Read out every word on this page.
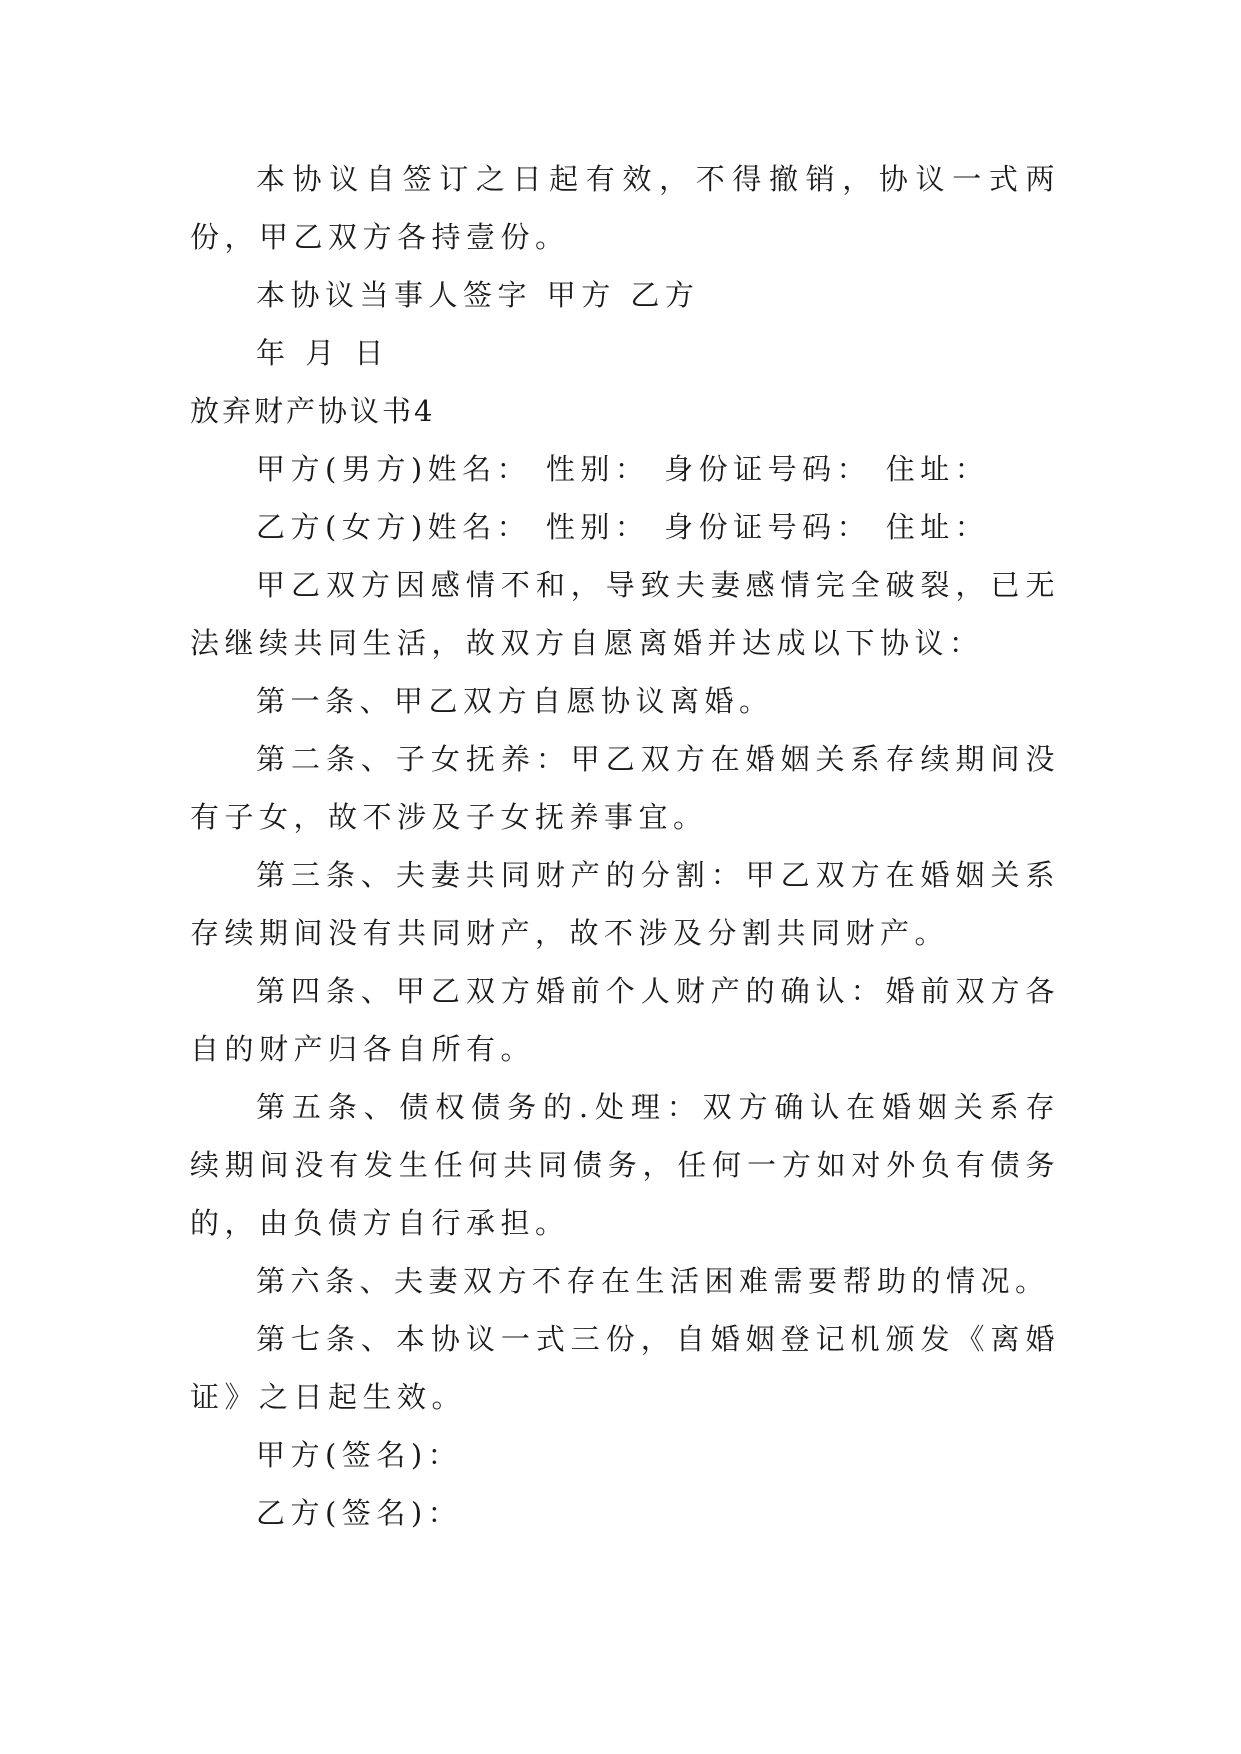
本协议自签订之日起有效，不得撤销，协议一式两份，甲乙双方各持壹份。

本协议当事人签字 甲方 乙方

年 月 日

放弃财产协议书4

甲方(男方)姓名： 性别： 身份证号码： 住址：

乙方(女方)姓名： 性别： 身份证号码： 住址：

甲乙双方因感情不和，导致夫妻感情完全破裂，已无法继续共同生活，故双方自愿离婚并达成以下协议：

第一条、甲乙双方自愿协议离婚。

第二条、子女抚养：甲乙双方在婚姻关系存续期间没有子女，故不涉及子女抚养事宜。

第三条、夫妻共同财产的分割：甲乙双方在婚姻关系存续期间没有共同财产，故不涉及分割共同财产。

第四条、甲乙双方婚前个人财产的确认：婚前双方各自的财产归各自所有。

第五条、债权债务的.处理：双方确认在婚姻关系存续期间没有发生任何共同债务，任何一方如对外负有债务的，由负债方自行承担。

第六条、夫妻双方不存在生活困难需要帮助的情况。

第七条、本协议一式三份，自婚姻登记机颁发《离婚证》之日起生效。

甲方(签名)：

乙方(签名)：
